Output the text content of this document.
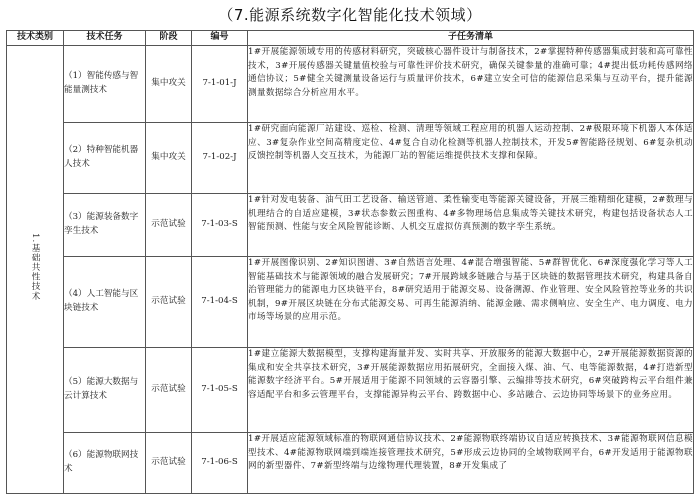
（7.能源系统数字化智能化技术领域）
技术类别	技术任务	阶段	编号	子任务清单
1.基础共性技术	（1）智能传感与智能量测技术	集中攻关	7-1-01-J	1#开展能源领域专用的传感材料研究，突破核心器件设计与制备技术，2#掌握特种传感器集成封装和高可靠性技术，3#开展传感器关键量值校验与可靠性评价技术研究，确保关键参量的准确可靠；4#提出低功耗传感网络通信协议；5#健全关键测量设备运行与质量评价技术，6#建立安全可信的能源信息采集与互动平台，提升能源测量数据综合分析应用水平。
	（2）特种智能机器人技术	集中攻关	7-1-02-J	1#研究面向能源厂站建设、巡检、检测、清理等领域工程应用的机器人运动控制、2#极限环境下机器人本体适应、3#复杂作业空间高精度定位、4#复合自动化检测等机器人控制技术，开发5#智能路径规划、6#复杂机动反馈控制等机器人交互技术，为能源厂站的智能运维提供技术支撑和保障。
	（3）能源装备数字孪生技术	示范试验	7-1-03-S	1#针对发电装备、油气田工艺设备、输送管道、柔性输变电等能源关键设备，开展三维精细化建模，2#数理与机理结合的自适应建模，3#状态参数云图重构、4#多物理场信息集成等关键技术研究，构建包括设备状态人工智能预测、性能与安全风险智能诊断、人机交互虚拟仿真预测的数字孪生系统。
	（4）人工智能与区块链技术	示范试验	7-1-04-S	1#开展图像识别、2#知识图谱、3#自然语言处理、4#混合增强智能、5#群智优化、6#深度强化学习等人工智能基础技术与能源领域的融合发展研究；7#开展跨域多链融合与基于区块链的数据管理技术研究，构建具备自治管理能力的能源电力区块链平台，8#研究适用于能源交易、设备溯源、作业管理、安全风险管控等业务的共识机制，9#开展区块链在分布式能源交易、可再生能源消纳、能源金融、需求侧响应、安全生产、电力调度、电力市场等场景的应用示范。
	（5）能源大数据与云计算技术	示范试验	7-1-05-S	1#建立能源大数据模型，支撑构建海量并发、实时共享、开放服务的能源大数据中心，2#开展能源数据资源的集成和安全共享技术研究，3#开展能源数据应用拓展研究，全面接入煤、油、气、电等能源数据，4#打造新型能源数字经济平台。5#开展适用于能源不同领域的云容器引擎、云编排等技术研究，6#突破跨构云平台组件兼容适配平台和多云管理平台，支撑能源异构云平台、跨数据中心、多站融合、云边协同等场景下的业务应用。
	（6）能源物联网技术	示范试验	7-1-06-S	1#开展适应能源领域标准的物联网通信协议技术、2#能源物联终端协议自适应转换技术、3#能源物联网信息模型技术、4#能源物联网端到端连接管理技术研究，5#形成云边协同的全域物联网平台，6#开发适用于能源物联网的新型器件、7#新型终端与边缘物理代理装置，8#开发集成了
